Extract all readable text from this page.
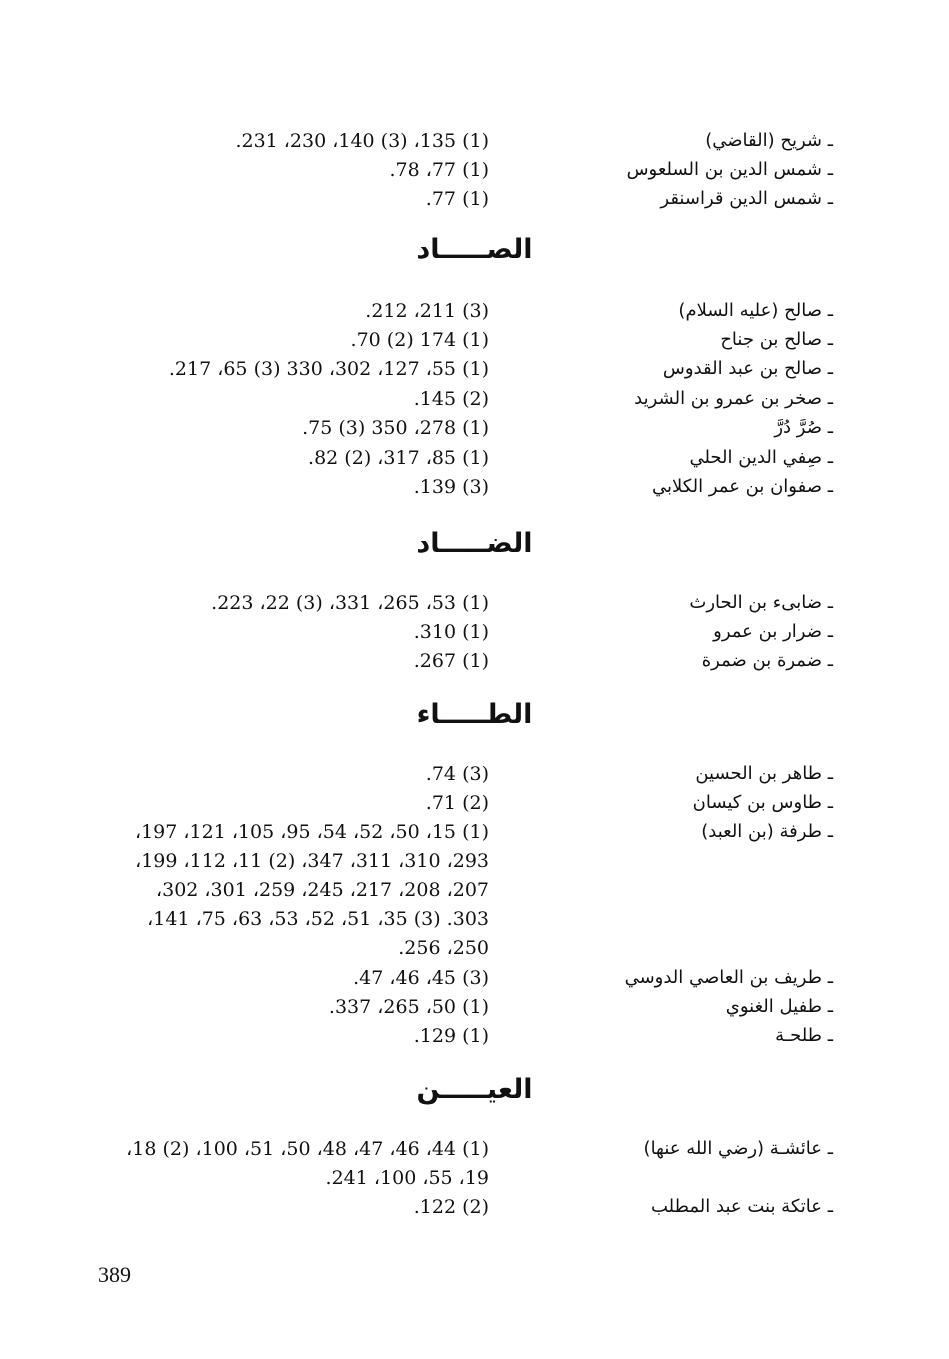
ـ شريح (القاضي)
(1) 135، (3) 140، 230، 231.
ـ شمس الدين بن السلعوس
(1) 77، 78.
ـ شمس الدين قراسنقر
(1) 77.
الصـــــاد
ـ صالح (عليه السلام)
(3) 211، 212.
ـ صالح بن جناح
(1) 174 (2) 70.
ـ صالح بن عبد القدوس
(1) 55، 127، 302، 330 (3) 65، 217.
ـ صخر بن عمرو بن الشريد
(2) 145.
ـ صُرَّ دُرَّ
(1) 278، 350 (3) 75.
ـ صِفي الدين الحلي
(1) 85، 317، (2) 82.
ـ صفوان بن عمر الكلابي
(3) 139.
الضـــــاد
ـ ضابىء بن الحارث
(1) 53، 265، 331، (3) 22، 223.
ـ ضرار بن عمرو
(1) 310.
ـ ضمرة بن ضمرة
(1) 267.
الطـــــاء
ـ طاهر بن الحسين
(3) 74.
ـ طاوس بن كيسان
(2) 71.
ـ طرفة (بن العبد)
(1) 15، 50، 52، 54، 95، 105، 121، 197،
293، 310، 311، 347، (2) 11، 112، 199،
207، 208، 217، 245، 259، 301، 302،
303. (3) 35، 51، 52، 53، 63، 75، 141،
250، 256.
ـ طريف بن العاصي الدوسي
(3) 45، 46، 47.
ـ طفيل الغنوي
(1) 50، 265، 337.
ـ طلحـة
(1) 129.
العيـــــن
ـ عائشـة (رضي الله عنها)
(1) 44، 46، 47، 48، 50، 51، 100، (2) 18،
19، 55، 100، 241.
ـ عاتكة بنت عبد المطلب
(2) 122.
389
